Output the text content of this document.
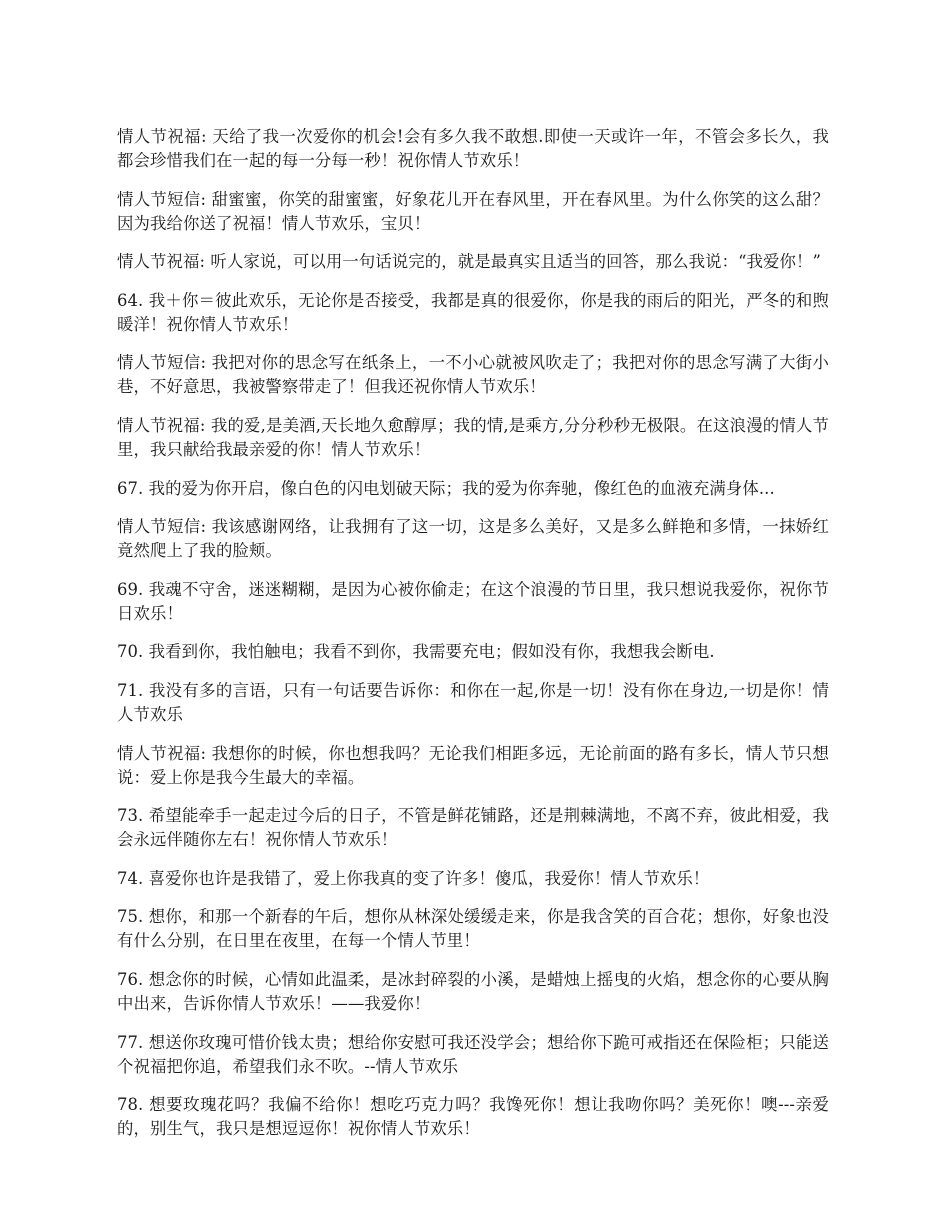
情人节祝福: 天给了我一次爱你的机会!会有多久我不敢想.即使一天或许一年，不管会多长久，我都会珍惜我们在一起的每一分每一秒！祝你情人节欢乐！

情人节短信: 甜蜜蜜，你笑的甜蜜蜜，好象花儿开在春风里，开在春风里。为什么你笑的这么甜？因为我给你送了祝福！情人节欢乐，宝贝！

情人节祝福: 听人家说，可以用一句话说完的，就是最真实且适当的回答，那么我说：“我爱你！”

64. 我＋你＝彼此欢乐，无论你是否接受，我都是真的很爱你，你是我的雨后的阳光，严冬的和煦暖洋！祝你情人节欢乐！

情人节短信: 我把对你的思念写在纸条上，一不小心就被风吹走了；我把对你的思念写满了大街小巷，不好意思，我被警察带走了！但我还祝你情人节欢乐！

情人节祝福: 我的爱,是美酒,天长地久愈醇厚；我的情,是乘方,分分秒秒无极限。在这浪漫的情人节里，我只献给我最亲爱的你！情人节欢乐！

67. 我的爱为你开启，像白色的闪电划破天际；我的爱为你奔驰，像红色的血液充满身体...

情人节短信: 我该感谢网络，让我拥有了这一切，这是多么美好，又是多么鲜艳和多情，一抹娇红竟然爬上了我的脸颊。

69. 我魂不守舍，迷迷糊糊，是因为心被你偷走；在这个浪漫的节日里，我只想说我爱你，祝你节日欢乐！

70. 我看到你，我怕触电；我看不到你，我需要充电；假如没有你，我想我会断电.

71. 我没有多的言语，只有一句话要告诉你：和你在一起,你是一切！没有你在身边,一切是你！情人节欢乐

情人节祝福: 我想你的时候，你也想我吗？无论我们相距多远，无论前面的路有多长，情人节只想说：爱上你是我今生最大的幸福。

73. 希望能牵手一起走过今后的日子，不管是鲜花铺路，还是荆棘满地，不离不弃，彼此相爱，我会永远伴随你左右！祝你情人节欢乐！

74. 喜爱你也许是我错了，爱上你我真的变了许多！傻瓜，我爱你！情人节欢乐！

75. 想你，和那一个新春的午后，想你从林深处缓缓走来，你是我含笑的百合花；想你，好象也没有什么分别，在日里在夜里，在每一个情人节里！

76. 想念你的时候，心情如此温柔，是冰封碎裂的小溪，是蜡烛上摇曳的火焰，想念你的心要从胸中出来，告诉你情人节欢乐！——我爱你！

77. 想送你玫瑰可惜价钱太贵；想给你安慰可我还没学会；想给你下跪可戒指还在保险柜；只能送个祝福把你追，希望我们永不吹。--情人节欢乐

78. 想要玫瑰花吗？我偏不给你！想吃巧克力吗？我馋死你！想让我吻你吗？美死你！噢---亲爱的，别生气，我只是想逗逗你！祝你情人节欢乐！
